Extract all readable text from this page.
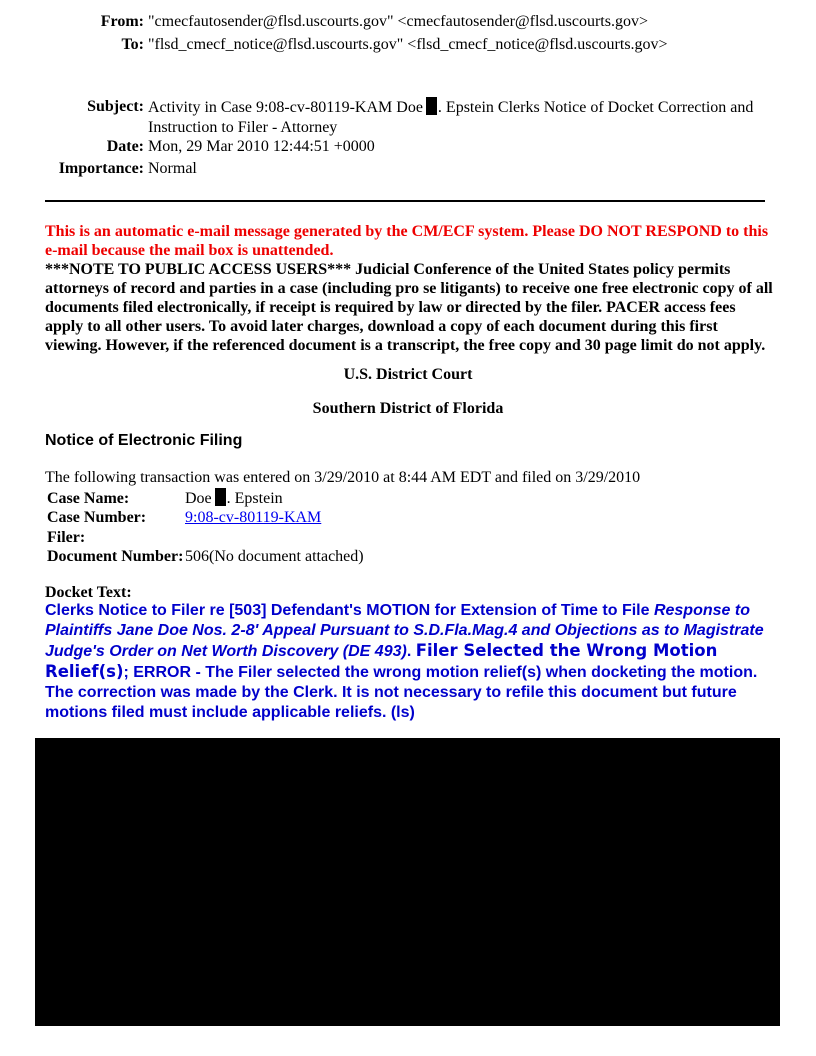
From: "cmecfautosender@flsd.uscourts.gov" <cmecfautosender@flsd.uscourts.gov>
To: "flsd_cmecf_notice@flsd.uscourts.gov" <flsd_cmecf_notice@flsd.uscourts.gov>
Subject: Activity in Case 9:08-cv-80119-KAM Doe . Epstein Clerks Notice of Docket Correction and Instruction to Filer - Attorney
Date: Mon, 29 Mar 2010 12:44:51 +0000
Importance: Normal
This is an automatic e-mail message generated by the CM/ECF system. Please DO NOT RESPOND to this e-mail because the mail box is unattended.
***NOTE TO PUBLIC ACCESS USERS*** Judicial Conference of the United States policy permits attorneys of record and parties in a case (including pro se litigants) to receive one free electronic copy of all documents filed electronically, if receipt is required by law or directed by the filer. PACER access fees apply to all other users. To avoid later charges, download a copy of each document during this first viewing. However, if the referenced document is a transcript, the free copy and 30 page limit do not apply.
U.S. District Court
Southern District of Florida
Notice of Electronic Filing
The following transaction was entered on 3/29/2010 at 8:44 AM EDT and filed on 3/29/2010
Case Name:	Doe . Epstein
Case Number: 9:08-cv-80119-KAM
Filer:
Document Number:506(No document attached)
Docket Text:
Clerks Notice to Filer re [503] Defendant's MOTION for Extension of Time to File Response to Plaintiffs Jane Doe Nos. 2-8' Appeal Pursuant to S.D.Fla.Mag.4 and Objections as to Magistrate Judge's Order on Net Worth Discovery (DE 493). Filer Selected the Wrong Motion Relief(s); ERROR - The Filer selected the wrong motion relief(s) when docketing the motion. The correction was made by the Clerk. It is not necessary to refile this document but future motions filed must include applicable reliefs. (ls)
